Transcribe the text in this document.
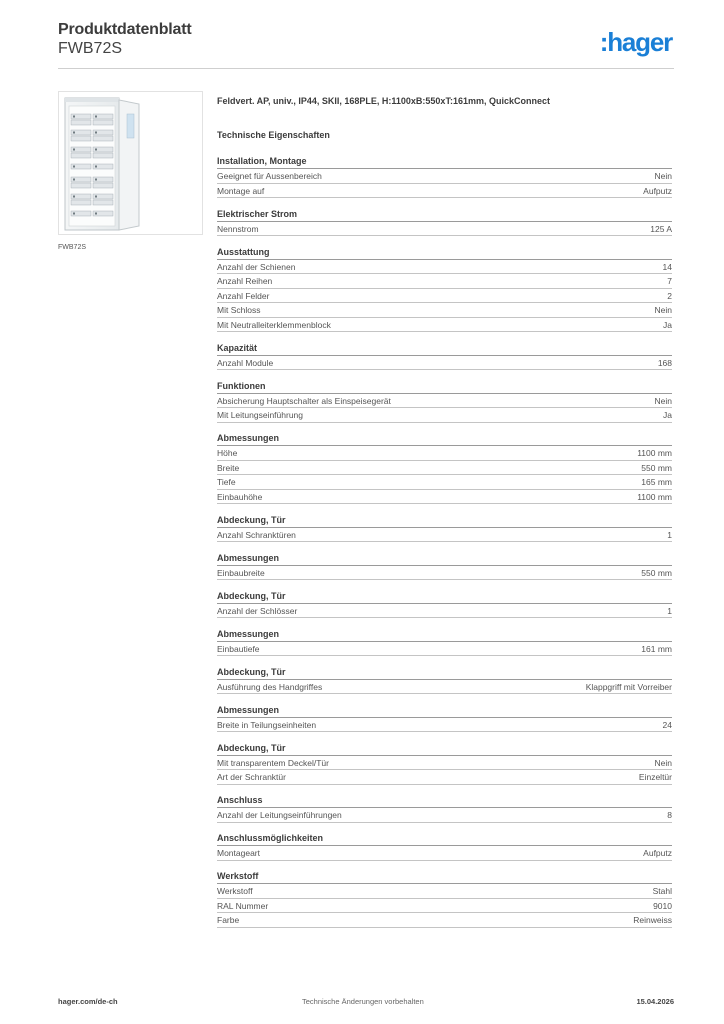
Produktdatenblatt
FWB72S	:hager
FWB72S
Feldvert. AP, univ., IP44, SKII, 168PLE, H:1100xB:550xT:161mm, QuickConnect
Technische Eigenschaften
Installation, Montage
Geeignet für Aussenbereich	Nein
Montage auf	Aufputz
Elektrischer Strom
Nennstrom	125 A
Ausstattung
Anzahl der Schienen	14
Anzahl Reihen	7
Anzahl Felder	2
Mit Schloss	Nein
Mit Neutralleiterklemmenblock	Ja
Kapazität
Anzahl Module	168
Funktionen
Absicherung Hauptschalter als Einspeisegerät	Nein
Mit Leitungseinführung	Ja
Abmessungen
Höhe	1100 mm
Breite	550 mm
Tiefe	165 mm
Einbauhöhe	1100 mm
Abdeckung, Tür
Anzahl Schranktüren	1
Abmessungen
Einbaubreite	550 mm
Abdeckung, Tür
Anzahl der Schlösser	1
Abmessungen
Einbautiefe	161 mm
Abdeckung, Tür
Ausführung des Handgriffes	Klappgriff mit Vorreiber
Abmessungen
Breite in Teilungseinheiten	24
Abdeckung, Tür
Mit transparentem Deckel/Tür	Nein
Art der Schranktür	Einzeltür
Anschluss
Anzahl der Leitungseinführungen	8
Anschlussmöglichkeiten
Montageart	Aufputz
Werkstoff
Werkstoff	Stahl
RAL Nummer	9010
Farbe	Reinweiss
hager.com/de-ch	Technische Änderungen vorbehalten	15.04.2026
